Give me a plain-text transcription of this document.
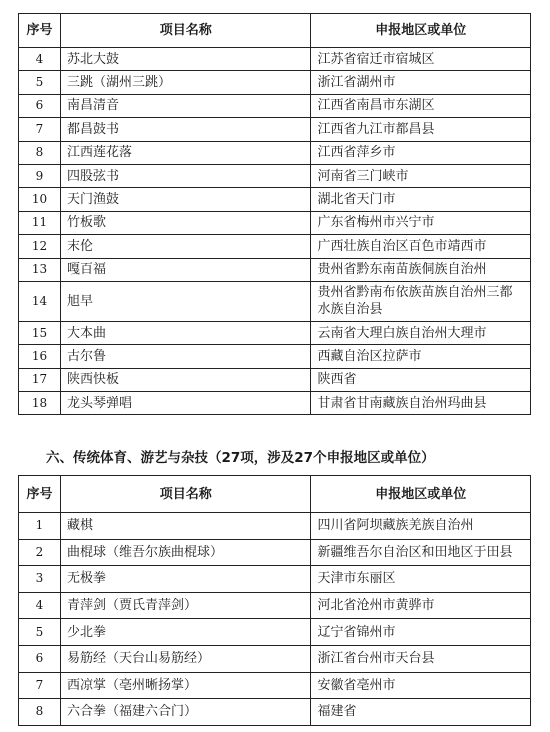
序号	项目名称	申报地区或单位
4	苏北大鼓	江苏省宿迁市宿城区
5	三跳（湖州三跳）	浙江省湖州市
6	南昌清音	江西省南昌市东湖区
7	都昌鼓书	江西省九江市都昌县
8	江西莲花落	江西省萍乡市
9	四股弦书	河南省三门峡市
10	天门渔鼓	湖北省天门市
11	竹板歌	广东省梅州市兴宁市
12	末伦	广西壮族自治区百色市靖西市
13	嘎百福	贵州省黔东南苗族侗族自治州
14	旭早	贵州省黔南布依族苗族自治州三都水族自治县
15	大本曲	云南省大理白族自治州大理市
16	古尔鲁	西藏自治区拉萨市
17	陕西快板	陕西省
18	龙头琴弹唱	甘肃省甘南藏族自治州玛曲县
六、传统体育、游艺与杂技（27项，涉及27个申报地区或单位）
序号	项目名称	申报地区或单位
1	藏棋	四川省阿坝藏族羌族自治州
2	曲棍球（维吾尔族曲棍球）	新疆维吾尔自治区和田地区于田县
3	无极拳	天津市东丽区
4	青萍剑（贾氏青萍剑）	河北省沧州市黄骅市
5	少北拳	辽宁省锦州市
6	易筋经（天台山易筋经）	浙江省台州市天台县
7	西凉掌（亳州晰扬掌）	安徽省亳州市
8	六合拳（福建六合门）	福建省
